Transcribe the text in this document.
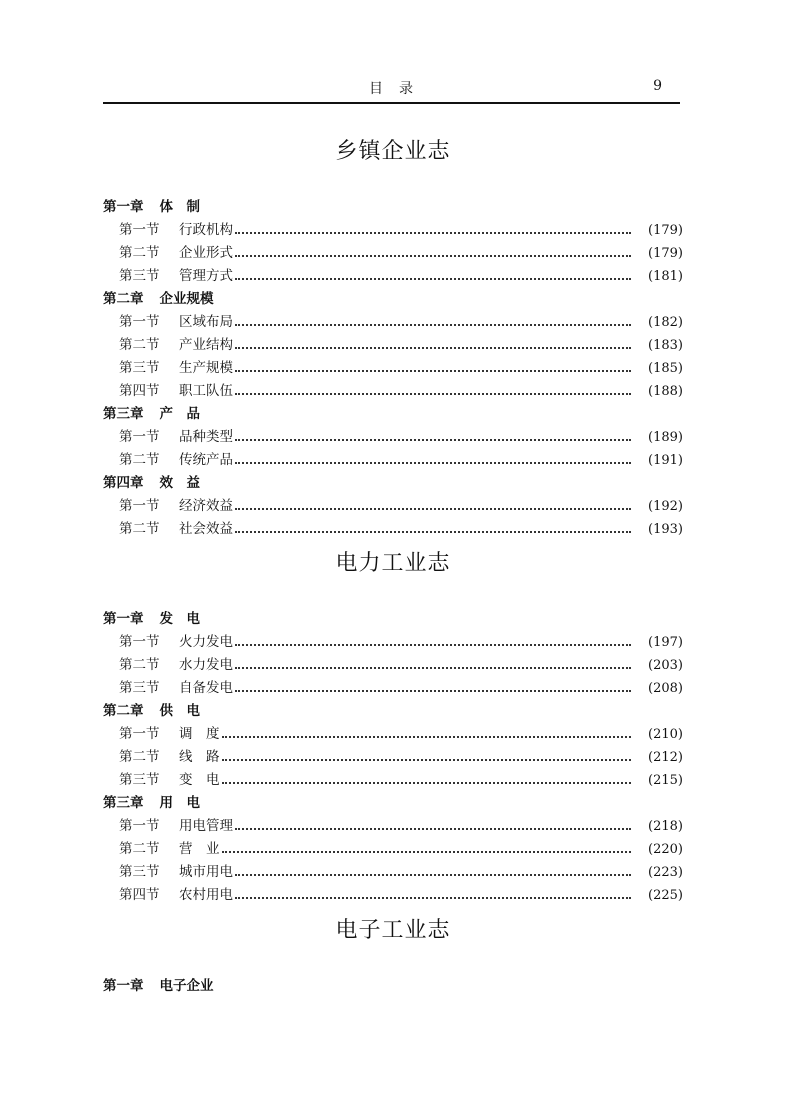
目　录	9
乡镇企业志
第一章 体　制
第一节	行政机构	(179)
第二节	企业形式	(179)
第三节	管理方式	(181)
第二章 企业规模
第一节	区域布局	(182)
第二节	产业结构	(183)
第三节	生产规模	(185)
第四节	职工队伍	(188)
第三章 产　品
第一节	品种类型	(189)
第二节	传统产品	(191)
第四章 效　益
第一节	经济效益	(192)
第二节	社会效益	(193)
电力工业志
第一章 发　电
第一节	火力发电	(197)
第二节	水力发电	(203)
第三节	自备发电	(208)
第二章 供　电
第一节	调　度	(210)
第二节	线　路	(212)
第三节	变　电	(215)
第三章 用　电
第一节	用电管理	(218)
第二节	营　业	(220)
第三节	城市用电	(223)
第四节	农村用电	(225)
电子工业志
第一章 电子企业
